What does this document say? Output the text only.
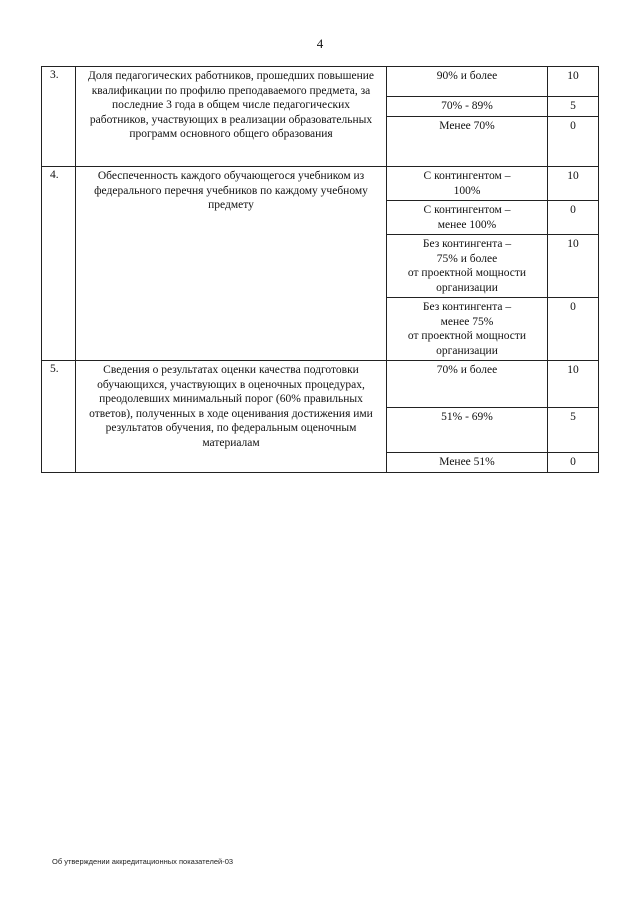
4
3.	Доля педагогических работников, прошедших повышение квалификации по профилю преподаваемого предмета, за последние 3 года в общем числе педагогических работников, участвующих в реализации образовательных программ основного общего образования	90% и более	10

		70% - 89%	5

		Менее 70%	0
4.	Обеспеченность каждого обучающегося учебником из федерального перечня учебников по каждому учебному предмету	С контингентом –
100%	10

		С контингентом –
менее 100%	0

		Без контингента –
75% и более
от проектной мощности
организации	10

		Без контингента –
менее 75%
от проектной мощности
организации	0
5.	Сведения о результатах оценки качества подготовки обучающихся, участвующих в оценочных процедурах, преодолевших минимальный порог (60% правильных ответов), полученных в ходе оценивания достижения ими результатов обучения, по федеральным оценочным материалам	70% и более	10

		51% - 69%	5

		Менее 51%	0
Об утверждении аккредитационных показателей-03
